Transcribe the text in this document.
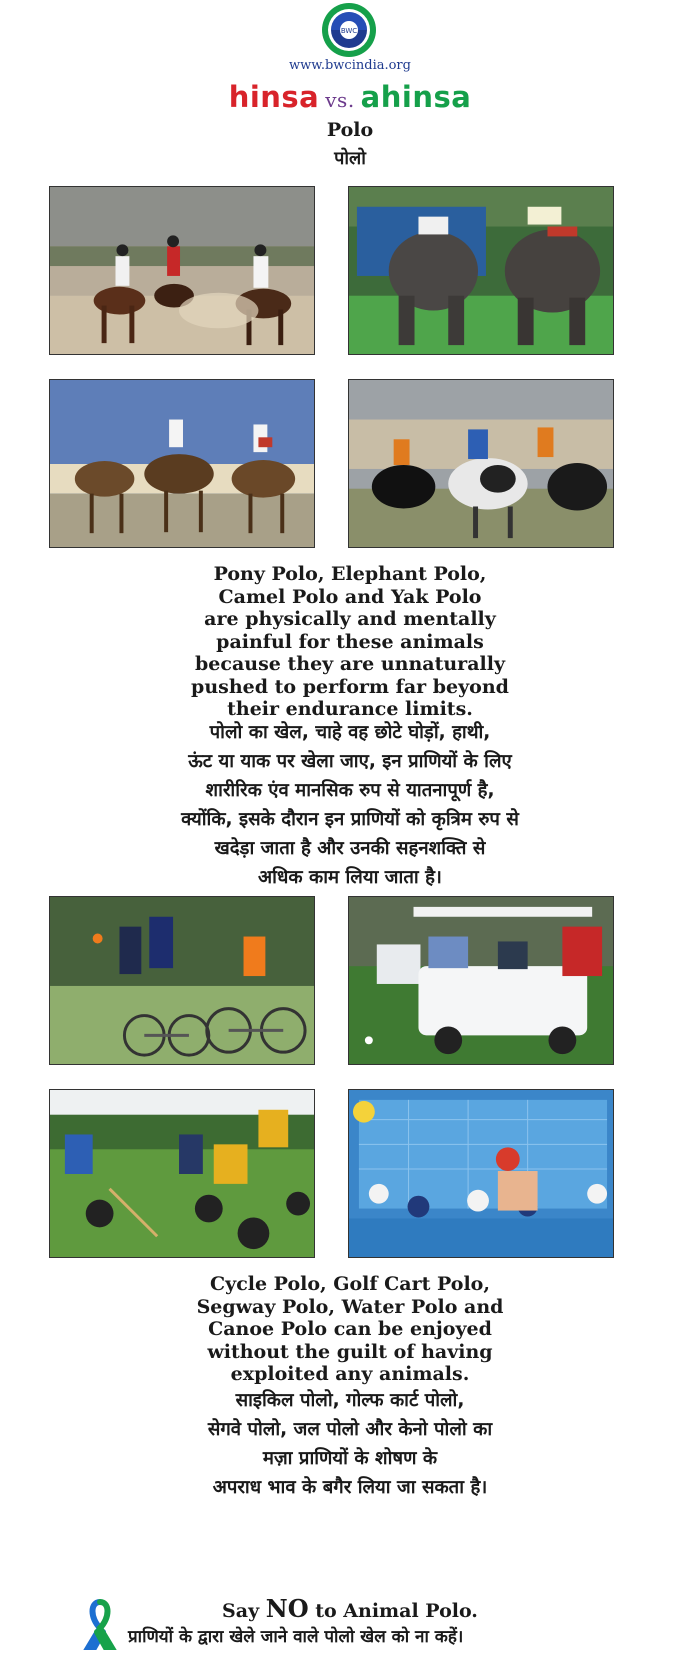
BWC
www.bwcindia.org
hinsa vs. ahinsa
Polo
पोलो
Pony Polo, Elephant Polo,
Camel Polo and Yak Polo
are physically and mentally
painful for these animals
because they are unnaturally
pushed to perform far beyond
their endurance limits.
पोलो का खेल, चाहे वह छोटे घोड़ों, हाथी,
ऊंट या याक पर खेला जाए, इन प्राणियों के लिए
शारीरिक एंव मानसिक रुप से यातनापूर्ण है,
क्योंकि, इसके दौरान इन प्राणियों को कृत्रिम रुप से
खदेड़ा जाता है और उनकी सहनशक्ति से
अधिक काम लिया जाता है।
Cycle Polo, Golf Cart Polo,
Segway Polo, Water Polo and
Canoe Polo can be enjoyed
without the guilt of having
exploited any animals.
साइकिल पोलो, गोल्फ कार्ट पोलो,
सेगवे पोलो, जल पोलो और केनो पोलो का
मज़ा प्राणियों के शोषण के
अपराध भाव के बगैर लिया जा सकता है।
Say NO to Animal Polo.
प्राणियों के द्वारा खेले जाने वाले पोलो खेल को ना कहें।
